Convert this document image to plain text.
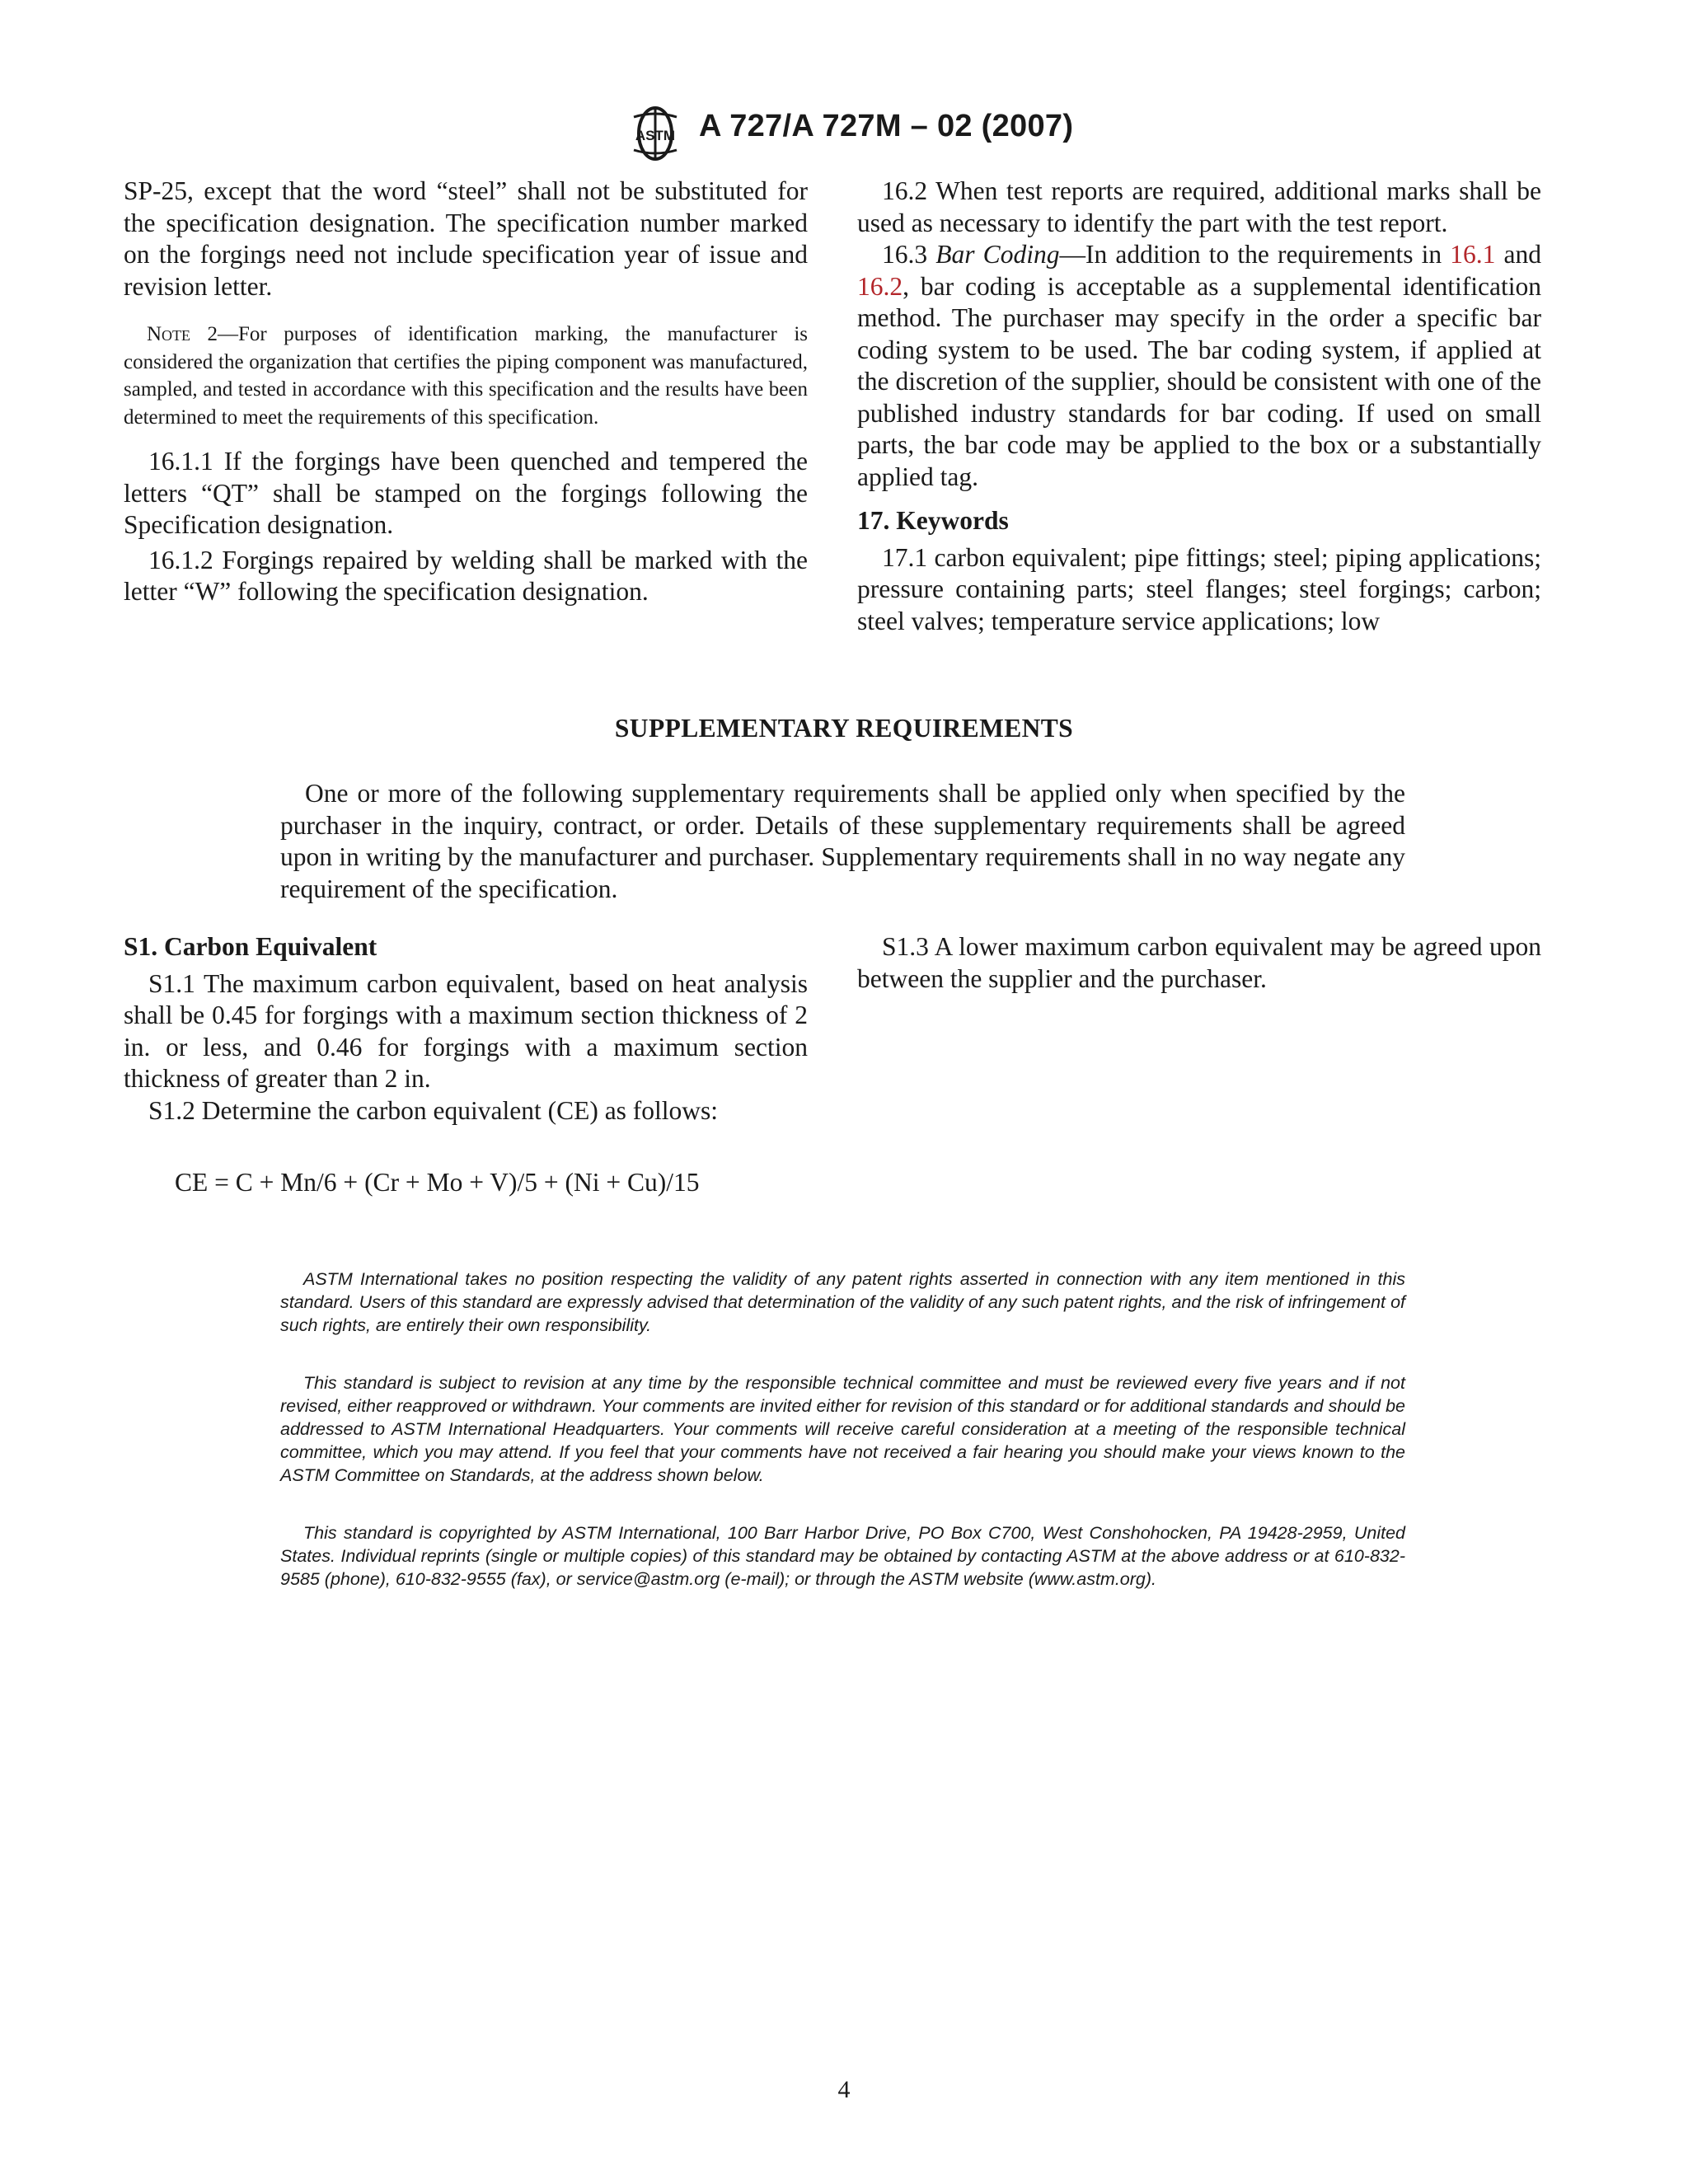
ASTM A 727/A 727M – 02 (2007)

SP-25, except that the word “steel” shall not be substituted for the specification designation. The specification number marked on the forgings need not include specification year of issue and revision letter.

Note 2—For purposes of identification marking, the manufacturer is considered the organization that certifies the piping component was manufactured, sampled, and tested in accordance with this specification and the results have been determined to meet the requirements of this specification.

16.1.1 If the forgings have been quenched and tempered the letters “QT” shall be stamped on the forgings following the Specification designation.

16.1.2 Forgings repaired by welding shall be marked with the letter “W” following the specification designation.

16.2 When test reports are required, additional marks shall be used as necessary to identify the part with the test report.

16.3 Bar Coding—In addition to the requirements in 16.1 and 16.2, bar coding is acceptable as a supplemental identification method. The purchaser may specify in the order a specific bar coding system to be used. The bar coding system, if applied at the discretion of the supplier, should be consistent with one of the published industry standards for bar coding. If used on small parts, the bar code may be applied to the box or a substantially applied tag.

17. Keywords

17.1 carbon equivalent; pipe fittings; steel; piping applications; pressure containing parts; steel flanges; steel forgings; carbon; steel valves; temperature service applications; low

SUPPLEMENTARY REQUIREMENTS

One or more of the following supplementary requirements shall be applied only when specified by the purchaser in the inquiry, contract, or order. Details of these supplementary requirements shall be agreed upon in writing by the manufacturer and purchaser. Supplementary requirements shall in no way negate any requirement of the specification.

S1. Carbon Equivalent

S1.1 The maximum carbon equivalent, based on heat analysis shall be 0.45 for forgings with a maximum section thickness of 2 in. or less, and 0.46 for forgings with a maximum section thickness of greater than 2 in.

S1.2 Determine the carbon equivalent (CE) as follows:

CE = C + Mn/6 + (Cr + Mo + V)/5 + (Ni + Cu)/15

S1.3 A lower maximum carbon equivalent may be agreed upon between the supplier and the purchaser.

ASTM International takes no position respecting the validity of any patent rights asserted in connection with any item mentioned in this standard. Users of this standard are expressly advised that determination of the validity of any such patent rights, and the risk of infringement of such rights, are entirely their own responsibility.

This standard is subject to revision at any time by the responsible technical committee and must be reviewed every five years and if not revised, either reapproved or withdrawn. Your comments are invited either for revision of this standard or for additional standards and should be addressed to ASTM International Headquarters. Your comments will receive careful consideration at a meeting of the responsible technical committee, which you may attend. If you feel that your comments have not received a fair hearing you should make your views known to the ASTM Committee on Standards, at the address shown below.

This standard is copyrighted by ASTM International, 100 Barr Harbor Drive, PO Box C700, West Conshohocken, PA 19428-2959, United States. Individual reprints (single or multiple copies) of this standard may be obtained by contacting ASTM at the above address or at 610-832-9585 (phone), 610-832-9555 (fax), or service@astm.org (e-mail); or through the ASTM website (www.astm.org).

4
